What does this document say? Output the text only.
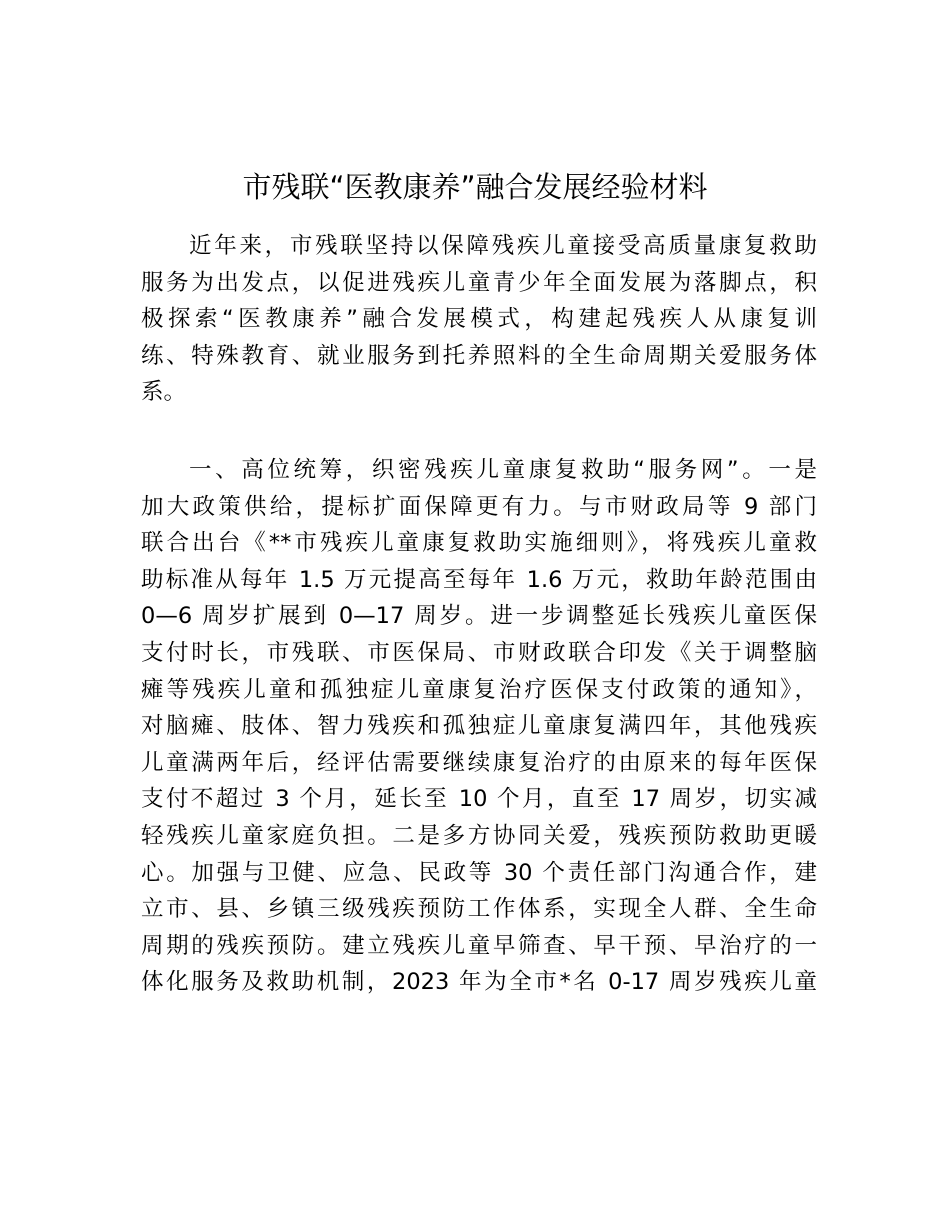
市残联“医教康养”融合发展经验材料

近年来，市残联坚持以保障残疾儿童接受高质量康复救助
服务为出发点，以促进残疾儿童青少年全面发展为落脚点，积
极探索“医教康养”融合发展模式，构建起残疾人从康复训
练、特殊教育、就业服务到托养照料的全生命周期关爱服务体
系。

一、高位统筹，织密残疾儿童康复救助“服务网”。一是
加大政策供给，提标扩面保障更有力。与市财政局等 9 部门
联合出台《**市残疾儿童康复救助实施细则》，将残疾儿童救
助标准从每年 1.5 万元提高至每年 1.6 万元，救助年龄范围由
0—6 周岁扩展到 0—17 周岁。进一步调整延长残疾儿童医保
支付时长，市残联、市医保局、市财政联合印发《关于调整脑
瘫等残疾儿童和孤独症儿童康复治疗医保支付政策的通知》，
对脑瘫、肢体、智力残疾和孤独症儿童康复满四年，其他残疾
儿童满两年后，经评估需要继续康复治疗的由原来的每年医保
支付不超过 3 个月，延长至 10 个月，直至 17 周岁，切实减
轻残疾儿童家庭负担。二是多方协同关爱，残疾预防救助更暖
心。加强与卫健、应急、民政等 30 个责任部门沟通合作，建
立市、县、乡镇三级残疾预防工作体系，实现全人群、全生命
周期的残疾预防。建立残疾儿童早筛查、早干预、早治疗的一
体化服务及救助机制，2023 年为全市*名 0-17 周岁残疾儿童
